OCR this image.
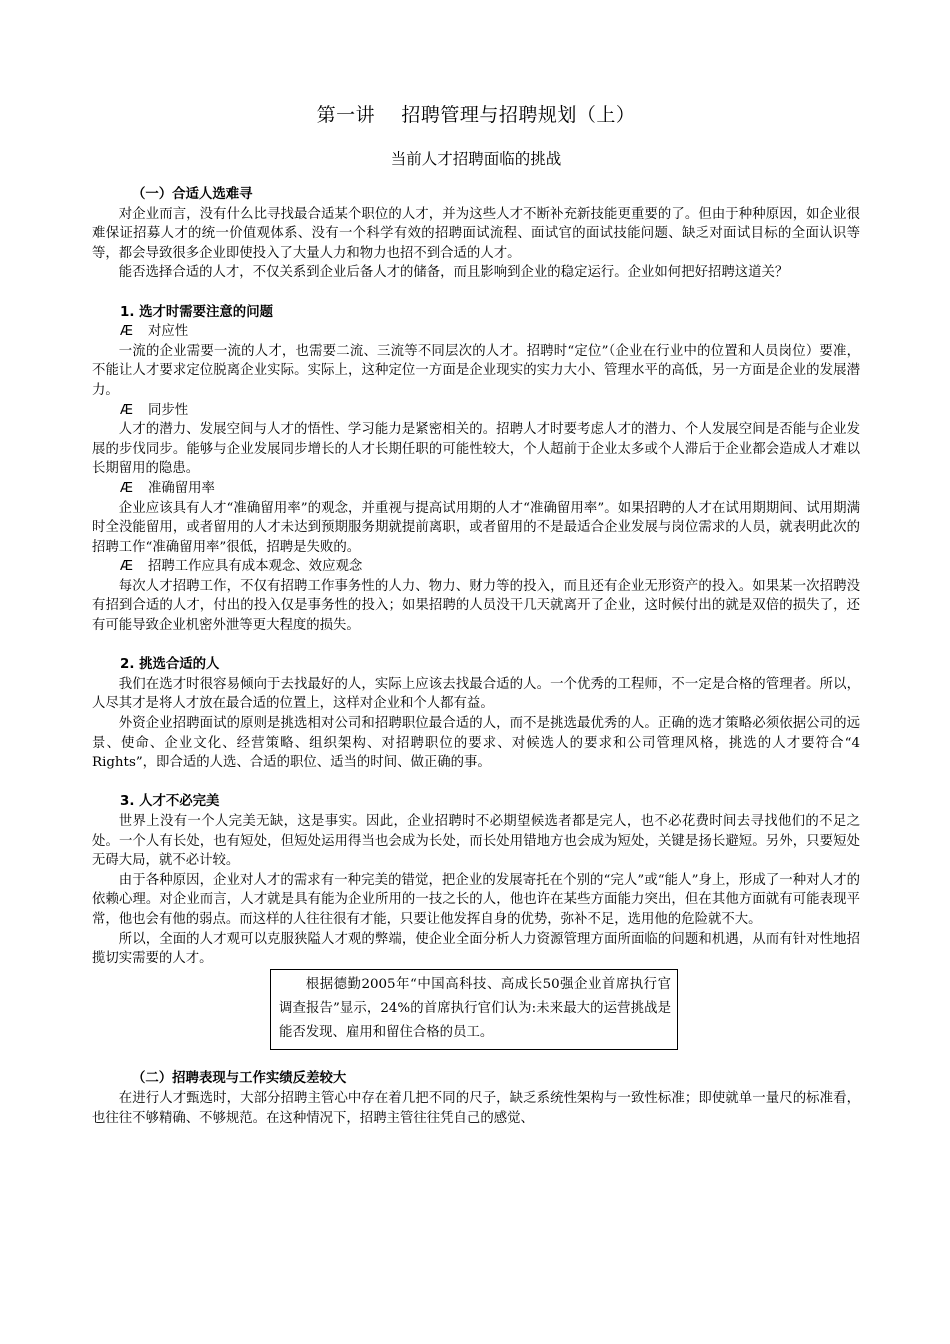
第一讲    招聘管理与招聘规划（上）
当前人才招聘面临的挑战
（一）合适人选难寻

对企业而言，没有什么比寻找最合适某个职位的人才，并为这些人才不断补充新技能更重要的了。但由于种种原因，如企业很难保证招募人才的统一价值观体系、没有一个科学有效的招聘面试流程、面试官的面试技能问题、缺乏对面试目标的全面认识等等，都会导致很多企业即使投入了大量人力和物力也招不到合适的人才。

能否选择合适的人才，不仅关系到企业后备人才的储备，而且影响到企业的稳定运行。企业如何把好招聘这道关？

1. 选才时需要注意的问题
Æ 对应性

一流的企业需要一流的人才，也需要二流、三流等不同层次的人才。招聘时“定位”（企业在行业中的位置和人员岗位）要准，不能让人才要求定位脱离企业实际。实际上，这种定位一方面是企业现实的实力大小、管理水平的高低，另一方面是企业的发展潜力。

Æ 同步性

人才的潜力、发展空间与人才的悟性、学习能力是紧密相关的。招聘人才时要考虑人才的潜力、个人发展空间是否能与企业发展的步伐同步。能够与企业发展同步增长的人才长期任职的可能性较大，个人超前于企业太多或个人滞后于企业都会造成人才难以长期留用的隐患。

Æ 准确留用率

企业应该具有人才“准确留用率”的观念，并重视与提高试用期的人才“准确留用率”。如果招聘的人才在试用期期间、试用期满时全没能留用，或者留用的人才未达到预期服务期就提前离职，或者留用的不是最适合企业发展与岗位需求的人员，就表明此次的招聘工作“准确留用率”很低，招聘是失败的。

Æ 招聘工作应具有成本观念、效应观念

每次人才招聘工作，不仅有招聘工作事务性的人力、物力、财力等的投入，而且还有企业无形资产的投入。如果某一次招聘没有招到合适的人才，付出的投入仅是事务性的投入；如果招聘的人员没干几天就离开了企业，这时候付出的就是双倍的损失了，还有可能导致企业机密外泄等更大程度的损失。

2. 挑选合适的人

我们在选才时很容易倾向于去找最好的人，实际上应该去找最合适的人。一个优秀的工程师，不一定是合格的管理者。所以，人尽其才是将人才放在最合适的位置上，这样对企业和个人都有益。

外资企业招聘面试的原则是挑选相对公司和招聘职位最合适的人，而不是挑选最优秀的人。正确的选才策略必须依据公司的远景、使命、企业文化、经营策略、组织架构、对招聘职位的要求、对候选人的要求和公司管理风格，挑选的人才要符合“4 Rights”，即合适的人选、合适的职位、适当的时间、做正确的事。

3. 人才不必完美

世界上没有一个人完美无缺，这是事实。因此，企业招聘时不必期望候选者都是完人，也不必花费时间去寻找他们的不足之处。一个人有长处，也有短处，但短处运用得当也会成为长处，而长处用错地方也会成为短处，关键是扬长避短。另外，只要短处无碍大局，就不必计较。

由于各种原因，企业对人才的需求有一种完美的错觉，把企业的发展寄托在个别的“完人”或“能人”身上，形成了一种对人才的依赖心理。对企业而言，人才就是具有能为企业所用的一技之长的人，他也许在某些方面能力突出，但在其他方面就有可能表现平常，他也会有他的弱点。而这样的人往往很有才能，只要让他发挥自身的优势，弥补不足，选用他的危险就不大。

所以，全面的人才观可以克服狭隘人才观的弊端，使企业全面分析人力资源管理方面所面临的问题和机遇，从而有针对性地招揽切实需要的人才。

根据德勤2005年“中国高科技、高成长50强企业首席执行官调查报告”显示，24%的首席执行官们认为:未来最大的运营挑战是能否发现、雇用和留住合格的员工。
（二）招聘表现与工作实绩反差较大

在进行人才甄选时，大部分招聘主管心中存在着几把不同的尺子，缺乏系统性架构与一致性标准；即使就单一量尺的标准看，也往往不够精确、不够规范。在这种情况下，招聘主管往往凭自己的感觉、
